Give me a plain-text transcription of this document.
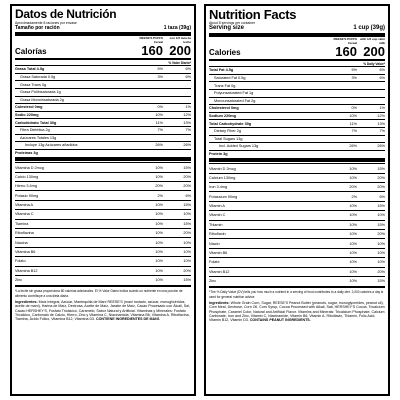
Datos de Nutrición
Aproximadamente 8 raciones por envase
Tamaño por ración	1 taza (39g)
REESE'S PUFFS Cereal
con 1/2 taza de leche
Calorías	160 200
% Valor Diario*
Grasa Total 4.5g	5%	6%
Grasa Saturada 0.5g	3%	6%
Grasa Trans 0g
Grasa Poliinsaturada 1g
Grasa Monoinsaturada 2g
Colesterol 0mg	0%	1%
Sodio 220mg	10%	12%
Carbohidrato Total 30g	11%	13%
Fibra Dietética 2g	7%	7%
Azúcares Totales 13g
Incluye 13g Azúcares añadidos	26%	26%
Proteínas 3g
Vitamina D 2mcg	10%	15%
Calcio 130mg	10%	20%
Hierro 3.4mg	20%	20%
Potasio 90mg	2%	6%
Vitamina A	10%	15%
Vitamina C	10%	10%
Tiamina	10%	15%
Riboflavina	10%	20%
Niacina	10%	10%
Vitamina B6	10%	10%
Folato	10%	10%
Vitamina B12	10%	20%
Zinc	10%	15%
*La leche sin grasa proporciona 80 calorías adicionales. El % Valor Diario indica cuánto un nutriente en una porción de alimento contribuye a una dieta diaria.
Ingredientes: Maíz Integral, Azúcar, Mantequilla de Maní REESE'S (maní tostado, azúcar, monoglicéridos, aceite de maní), Harina de Maíz, Dextrosa, Aceite de Maíz, Jarabe de Maíz, Cacao Procesado con Álcali, Sal, Cacao HERSHEY'S, Fosfato Tricálcico, Caramelo, Sabor Natural y Artificial. Vitaminas y Minerales: Fosfato Tricálcico, Carbonato de Calcio, Hierro, Zinc y Vitamina C, Niacinamida, Vitamina B6, Vitamina A, Riboflavina, Tiamina, Ácido Fólico, Vitamina B12, Vitamina D3. CONTIENE INGREDIENTES DE MANÍ.
Nutrition Facts
About 8 servings per container
Serving size	1 cup (39g)
REESE'S PUFFS Cereal
with 1/2 cup skim milk
Calories	160 200
% Daily Value*
Total Fat 4.5g	5%	6%
Saturated Fat 0.5g	3%	6%
Trans Fat 0g
Polyunsaturated Fat 1g
Monounsaturated Fat 2g
Cholesterol 0mg	0%	1%
Sodium 220mg	10%	12%
Total Carbohydrate 30g	11%	13%
Dietary Fiber 2g	7%	7%
Total Sugars 13g
Incl. Added Sugars 13g	26%	26%
Protein 3g
Vitamin D 2mcg	10%	15%
Calcium 130mg	10%	20%
Iron 3.4mg	20%	20%
Potassium 90mg	2%	6%
Vitamin A	10%	15%
Vitamin C	10%	10%
Thiamin	10%	15%
Riboflavin	10%	20%
Niacin	10%	10%
Vitamin B6	10%	10%
Folate	10%	10%
Vitamin B12	10%	20%
Zinc	10%	15%
*The % Daily Value (DV) tells you how much a nutrient in a serving of food contributes to a daily diet. 2,000 calories a day is used for general nutrition advice.
Ingredients: Whole Grain Corn, Sugar, REESE'S Peanut Butter (peanuts, sugar, monoglycerides, peanut oil), Corn Meal, Dextrose, Corn Oil, Corn Syrup, Cocoa Processed with Alkali, Salt, HERSHEY'S Cocoa, Tricalcium Phosphate, Caramel Color, Natural and Artificial Flavor. Vitamins and Minerals: Tricalcium Phosphate, Calcium Carbonate, Iron and Zinc, Vitamin C, Niacinamide, Vitamin B6, Vitamin A, Riboflavin, Thiamin, Folic Acid, Vitamin B12, Vitamin D3. CONTAINS PEANUT INGREDIENTS.
